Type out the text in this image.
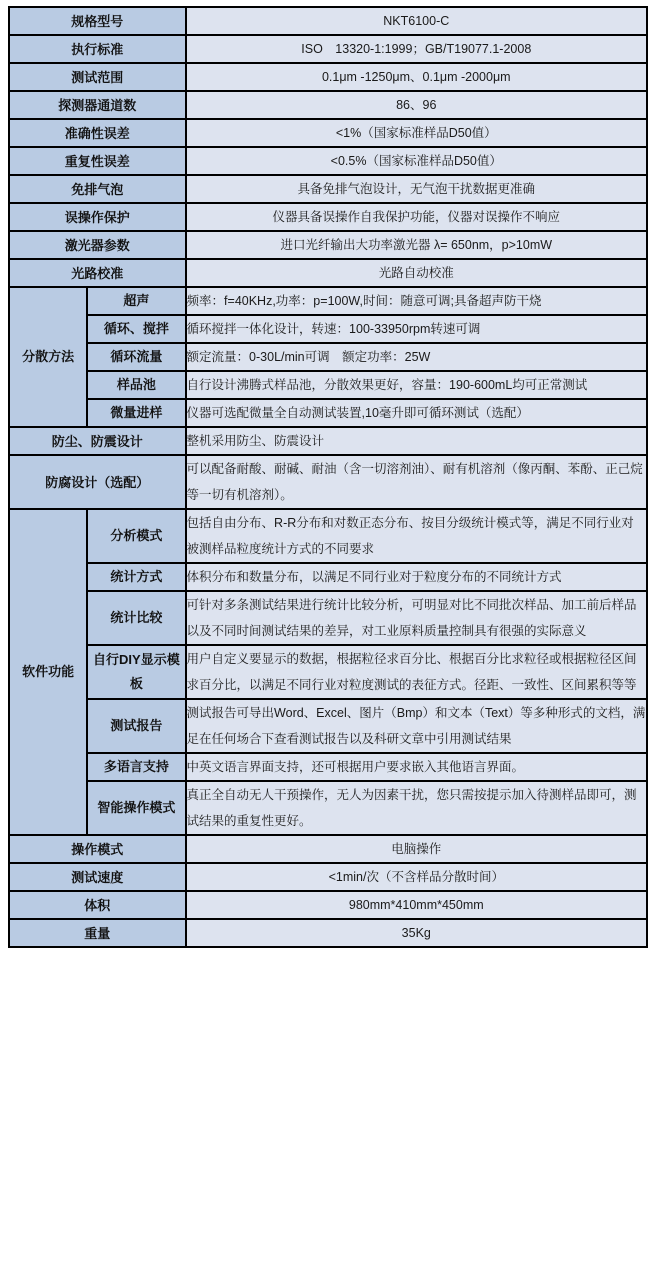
规格型号		NKT6100-C
执行标准		ISO　13320-1:1999；GB/T19077.1-2008
测试范围		0.1μm -1250μm、0.1μm -2000μm
探测器通道数		86、96
准确性误差		<1%（国家标准样品D50值）
重复性误差		<0.5%（国家标准样品D50值）
免排气泡		具备免排气泡设计，无气泡干扰数据更准确
误操作保护		仪器具备误操作自我保护功能，仪器对误操作不响应
激光器参数		进口光纤输出大功率激光器 λ= 650nm，p>10mW
光路校准		光路自动校准
分散方法	超声	频率：f=40KHz,功率：p=100W,时间：随意可调;具备超声防干烧
	循环、搅拌	循环搅拌一体化设计，转速：100-33950rpm转速可调
	循环流量	额定流量：0-30L/min可调　额定功率：25W
	样品池	自行设计沸腾式样品池，分散效果更好，容量：190-600mL均可正常测试
	微量进样	仪器可选配微量全自动测试装置,10毫升即可循环测试（选配）
防尘、防震设计		整机采用防尘、防震设计
防腐设计（选配）		可以配备耐酸、耐碱、耐油（含一切溶剂油）、耐有机溶剂（像丙酮、苯酚、正己烷等一切有机溶剂）。
软件功能	分析模式	包括自由分布、R-R分布和对数正态分布、按目分级统计模式等，满足不同行业对被测样品粒度统计方式的不同要求
	统计方式	体积分布和数量分布，以满足不同行业对于粒度分布的不同统计方式
	统计比较	可针对多条测试结果进行统计比较分析，可明显对比不同批次样品、加工前后样品以及不同时间测试结果的差异，对工业原料质量控制具有很强的实际意义
	自行DIY显示模板	用户自定义要显示的数据，根据粒径求百分比、根据百分比求粒径或根据粒径区间求百分比，以满足不同行业对粒度测试的表征方式。径距、一致性、区间累积等等
	测试报告	测试报告可导出Word、Excel、图片（Bmp）和文本（Text）等多种形式的文档，满足在任何场合下查看测试报告以及科研文章中引用测试结果
	多语言支持	中英文语言界面支持，还可根据用户要求嵌入其他语言界面。
	智能操作模式	真正全自动无人干预操作，无人为因素干扰，您只需按提示加入待测样品即可，测试结果的重复性更好。
操作模式		电脑操作
测试速度		<1min/次（不含样品分散时间）
体积		980mm*410mm*450mm
重量		35Kg
